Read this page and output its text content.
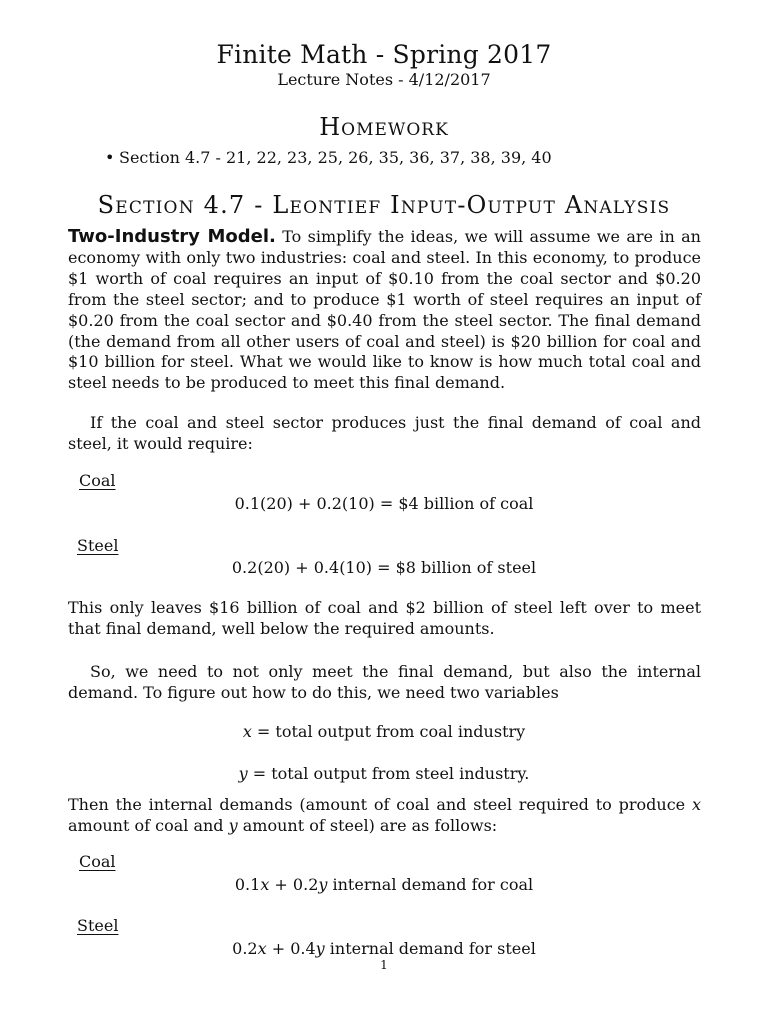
Finite Math - Spring 2017
Lecture Notes - 4/12/2017
Homework
• Section 4.7 - 21, 22, 23, 25, 26, 35, 36, 37, 38, 39, 40
Section 4.7 - Leontief Input-Output Analysis
Two-Industry Model. To simplify the ideas, we will assume we are in an economy with only two industries: coal and steel. In this economy, to produce $1 worth of coal requires an input of $0.10 from the coal sector and $0.20 from the steel sector; and to produce $1 worth of steel requires an input of $0.20 from the coal sector and $0.40 from the steel sector. The final demand (the demand from all other users of coal and steel) is $20 billion for coal and $10 billion for steel. What we would like to know is how much total coal and steel needs to be produced to meet this final demand.
If the coal and steel sector produces just the final demand of coal and steel, it would require:
Coal
0.1(20) + 0.2(10) = $4 billion of coal
Steel
0.2(20) + 0.4(10) = $8 billion of steel
This only leaves $16 billion of coal and $2 billion of steel left over to meet that final demand, well below the required amounts.
So, we need to not only meet the final demand, but also the internal demand. To figure out how to do this, we need two variables
x = total output from coal industry
y = total output from steel industry.
Then the internal demands (amount of coal and steel required to produce x amount of coal and y amount of steel) are as follows:
Coal
0.1x + 0.2y internal demand for coal
Steel
0.2x + 0.4y internal demand for steel
1
